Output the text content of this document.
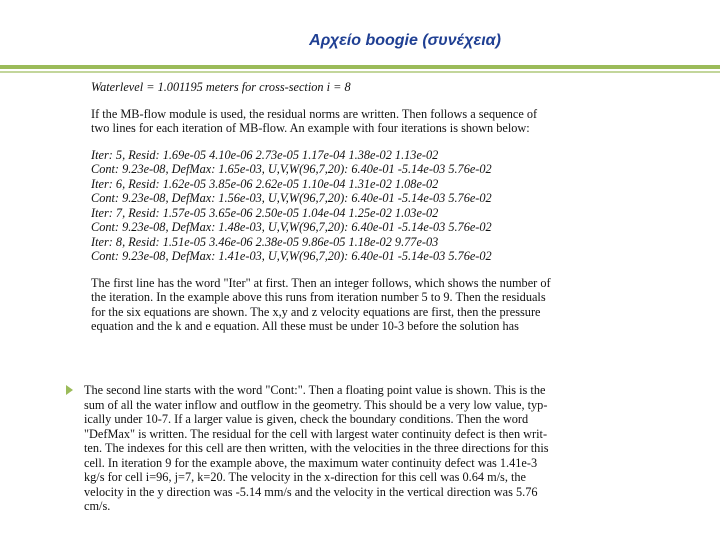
Αρχείο boogie (συνέχεια)
Waterlevel = 1.001195 meters for cross-section i = 8
If the MB-flow module is used, the residual norms are written. Then follows a sequence of
two lines for each iteration of MB-flow. An example with four iterations is shown below:
Iter: 5, Resid: 1.69e-05 4.10e-06 2.73e-05 1.17e-04 1.38e-02 1.13e-02
Cont: 9.23e-08, DefMax: 1.65e-03, U,V,W(96,7,20): 6.40e-01 -5.14e-03 5.76e-02
Iter: 6, Resid: 1.62e-05 3.85e-06 2.62e-05 1.10e-04 1.31e-02 1.08e-02
Cont: 9.23e-08, DefMax: 1.56e-03, U,V,W(96,7,20): 6.40e-01 -5.14e-03 5.76e-02
Iter: 7, Resid: 1.57e-05 3.65e-06 2.50e-05 1.04e-04 1.25e-02 1.03e-02
Cont: 9.23e-08, DefMax: 1.48e-03, U,V,W(96,7,20): 6.40e-01 -5.14e-03 5.76e-02
Iter: 8, Resid: 1.51e-05 3.46e-06 2.38e-05 9.86e-05 1.18e-02 9.77e-03
Cont: 9.23e-08, DefMax: 1.41e-03, U,V,W(96,7,20): 6.40e-01 -5.14e-03 5.76e-02
The first line has the word "Iter" at first. Then an integer follows, which shows the number of
the iteration. In the example above this runs from iteration number 5 to 9. Then the residuals
for the six equations are shown. The x,y and z velocity equations are first, then the pressure
equation and the k and e equation. All these must be under 10-3 before the solution has
The second line starts with the word "Cont:". Then a floating point value is shown. This is the
sum of all the water inflow and outflow in the geometry. This should be a very low value, typ-
ically under 10-7. If a larger value is given, check the boundary conditions. Then the word
"DefMax" is written. The residual for the cell with largest water continuity defect is then writ-
ten. The indexes for this cell are then written, with the velocities in the three directions for this
cell. In iteration 9 for the example above, the maximum water continuity defect was 1.41e-3
kg/s for cell i=96, j=7, k=20. The velocity in the x-direction for this cell was 0.64 m/s, the
velocity in the y direction was -5.14 mm/s and the velocity in the vertical direction was 5.76
cm/s.
